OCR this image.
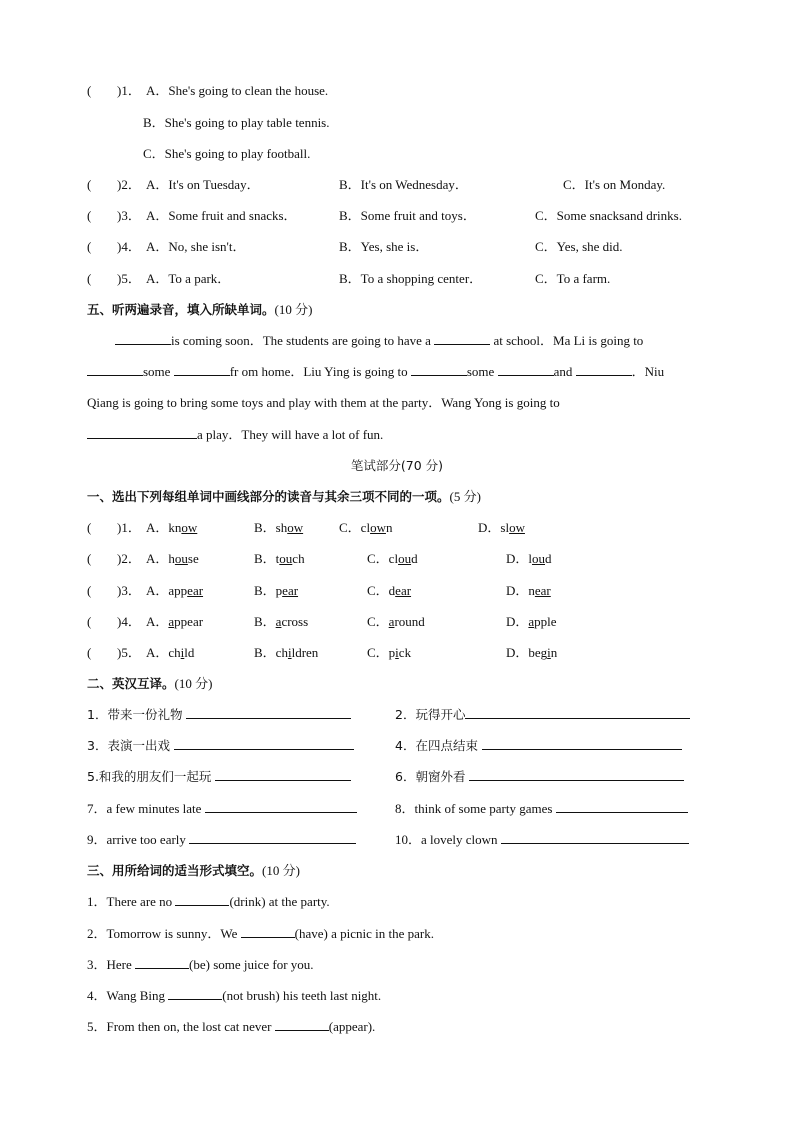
( )1． A．She's going to clean the house.
B．She's going to play table tennis.
C．She's going to play football.
( )2． A．It's on Tuesday．	B．It's on Wednesday．	C．It's on Monday.
( )3． A．Some fruit and snacks．	B．Some fruit and toys．	C．Some snacksand drinks.
( )4． A．No, she isn't．	B．Yes, she is．	C．Yes, she did.
( )5． A．To a park．	B．To a shopping center．	C．To a farm.
五、听两遍录音，填入所缺单词。(10 分)
is coming soon．The students are going to have a	at school．Ma Li is going to
some	fr om home．Liu Ying is going to	some	and	．Niu
Qiang is going to bring some toys and play with them at the party．Wang Yong is going to
a play．They will have a lot of fun.
笔试部分(70 分)
一、选出下列每组单词中画线部分的读音与其余三项不同的一项。(5 分)
( )1． A．know	B．show	C．clown	D．slow
( )2． A．house	B．touch	C．cloud	D．loud
( )3． A．appear	B．pear	C．dear	D．near
( )4． A．appear	B．across	C．around	D．apple
( )5． A．child	B．children	C．pick	D．begin
二、英汉互译。(10 分)
1．带来一份礼物	2．玩得开心
3．表演一出戏	4．在四点结束
5.和我的朋友们一起玩	6．朝窗外看
7．a few minutes late	8．think of some party games
9．arrive too early	10．a lovely clown
三、用所给词的适当形式填空。(10 分)
1．There are no	(drink) at the party.
2．Tomorrow is sunny．We	(have) a picnic in the park.
3．Here	(be) some juice for you.
4．Wang Bing	(not brush) his teeth last night.
5．From then on, the lost cat never	(appear).
